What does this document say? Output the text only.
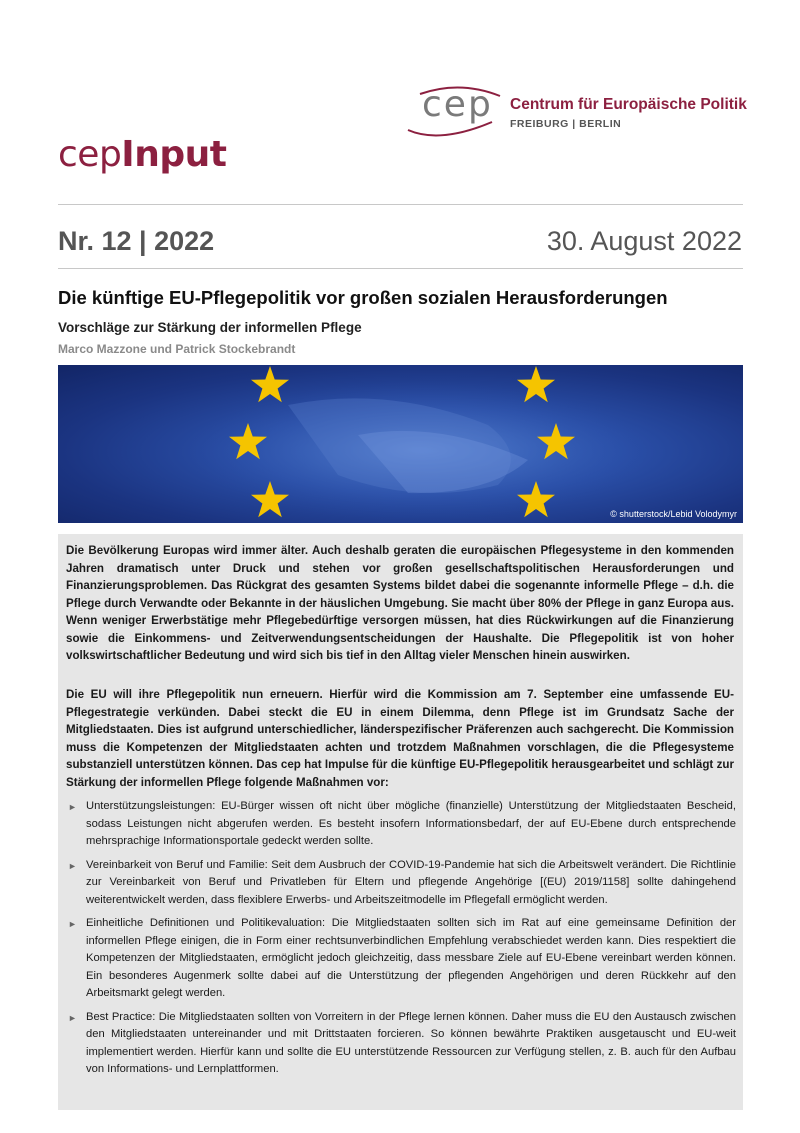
cep Centrum für Europäische Politik
FREIBURG | BERLIN
cepInput
Nr. 12 | 2022	30. August 2022
Die künftige EU-Pflegepolitik vor großen sozialen Herausforderungen
Vorschläge zur Stärkung der informellen Pflege
Marco Mazzone und Patrick Stockebrandt
© shutterstock/Lebid Volodymyr

Die Bevölkerung Europas wird immer älter. Auch deshalb geraten die europäischen Pflegesysteme in den kommenden Jahren dramatisch unter Druck und stehen vor großen gesellschaftspolitischen Herausforderungen und Finanzierungsproblemen. Das Rückgrat des gesamten Systems bildet dabei die sogenannte informelle Pflege – d.h. die Pflege durch Verwandte oder Bekannte in der häuslichen Umgebung. Sie macht über 80% der Pflege in ganz Europa aus. Wenn weniger Erwerbstätige mehr Pflegebedürftige versorgen müssen, hat dies Rückwirkungen auf die Finanzierung sowie die Einkommens- und Zeitverwendungsentscheidungen der Haushalte. Die Pflegepolitik ist von hoher volkswirtschaftlicher Bedeutung und wird sich bis tief in den Alltag vieler Menschen hinein auswirken.

Die EU will ihre Pflegepolitik nun erneuern. Hierfür wird die Kommission am 7. September eine umfassende EU-Pflegestrategie verkünden. Dabei steckt die EU in einem Dilemma, denn Pflege ist im Grundsatz Sache der Mitgliedstaaten. Dies ist aufgrund unterschiedlicher, länderspezifischer Präferenzen auch sachgerecht. Die Kommission muss die Kompetenzen der Mitgliedstaaten achten und trotzdem Maßnahmen vorschlagen, die die Pflegesysteme substanziell unterstützen können. Das cep hat Impulse für die künftige EU-Pflegepolitik herausgearbeitet und schlägt zur Stärkung der informellen Pflege folgende Maßnahmen vor:

► Unterstützungsleistungen: EU-Bürger wissen oft nicht über mögliche (finanzielle) Unterstützung der Mitgliedstaaten Bescheid, sodass Leistungen nicht abgerufen werden. Es besteht insofern Informationsbedarf, der auf EU-Ebene durch entsprechende mehrsprachige Informationsportale gedeckt werden sollte.
► Vereinbarkeit von Beruf und Familie: Seit dem Ausbruch der COVID-19-Pandemie hat sich die Arbeitswelt verändert. Die Richtlinie zur Vereinbarkeit von Beruf und Privatleben für Eltern und pflegende Angehörige [(EU) 2019/1158] sollte dahingehend weiterentwickelt werden, dass flexiblere Erwerbs- und Arbeitszeitmodelle im Pflegefall ermöglicht werden.
► Einheitliche Definitionen und Politikevaluation: Die Mitgliedstaaten sollten sich im Rat auf eine gemeinsame Definition der informellen Pflege einigen, die in Form einer rechtsunverbindlichen Empfehlung verabschiedet werden kann. Dies respektiert die Kompetenzen der Mitgliedstaaten, ermöglicht jedoch gleichzeitig, dass messbare Ziele auf EU-Ebene vereinbart werden können. Ein besonderes Augenmerk sollte dabei auf die Unterstützung der pflegenden Angehörigen und deren Rückkehr auf den Arbeitsmarkt gelegt werden.
► Best Practice: Die Mitgliedstaaten sollten von Vorreitern in der Pflege lernen können. Daher muss die EU den Austausch zwischen den Mitgliedstaaten untereinander und mit Drittstaaten forcieren. So können bewährte Praktiken ausgetauscht und EU-weit implementiert werden. Hierfür kann und sollte die EU unterstützende Ressourcen zur Verfügung stellen, z. B. auch für den Aufbau von Informations- und Lernplattformen.
